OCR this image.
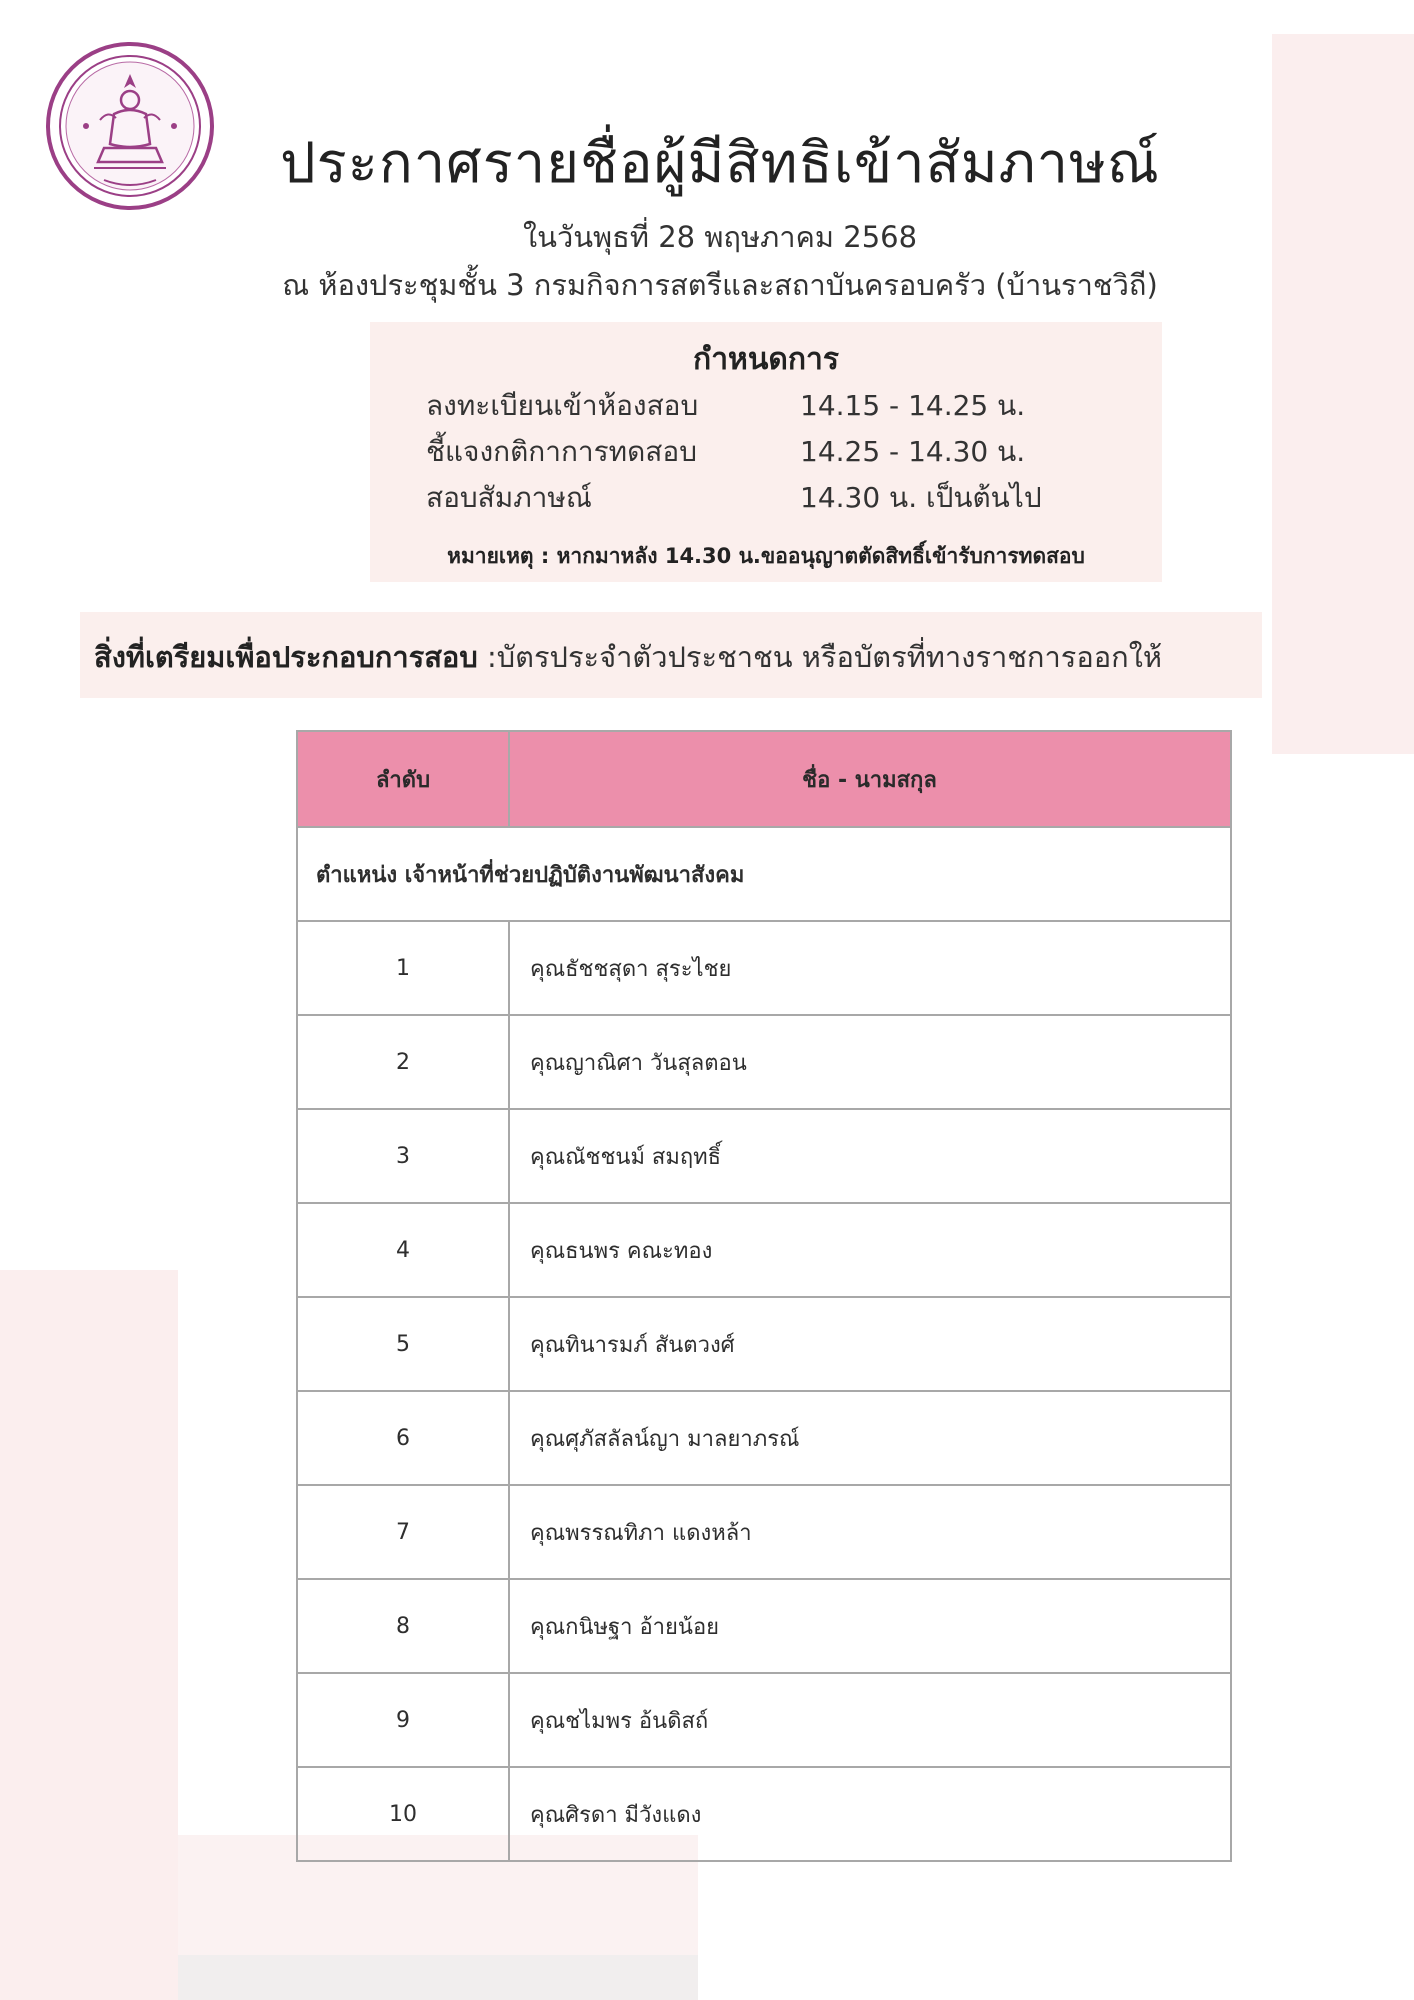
ประกาศรายชื่อผู้มีสิทธิเข้าสัมภาษณ์
ในวันพุธที่ 28 พฤษภาคม 2568
ณ ห้องประชุมชั้น 3 กรมกิจการสตรีและสถาบันครอบครัว (บ้านราชวิถี)
กำหนดการ
ลงทะเบียนเข้าห้องสอบ	14.15 - 14.25 น.
ชี้แจงกติกาการทดสอบ	14.25 - 14.30 น.
สอบสัมภาษณ์	14.30 น. เป็นต้นไป
หมายเหตุ : หากมาหลัง 14.30 น.ขออนุญาตตัดสิทธิ์เข้ารับการทดสอบ
สิ่งที่เตรียมเพื่อประกอบการสอบ :บัตรประจำตัวประชาชน หรือบัตรที่ทางราชการออกให้
ลำดับ	ชื่อ - นามสกุล
ตำแหน่ง เจ้าหน้าที่ช่วยปฏิบัติงานพัฒนาสังคม	
1	คุณธัชชสุดา สุระไชย
2	คุณญาณิศา วันสุลตอน
3	คุณณัชชนม์ สมฤทธิ์
4	คุณธนพร คณะทอง
5	คุณทินารมภ์ สันตวงศ์
6	คุณศุภัสลัลน์ญา มาลยาภรณ์
7	คุณพรรณทิภา แดงหล้า
8	คุณกนิษฐา อ้ายน้อย
9	คุณชไมพร อ้นดิสถ์
10	คุณศิรดา มีวังแดง
